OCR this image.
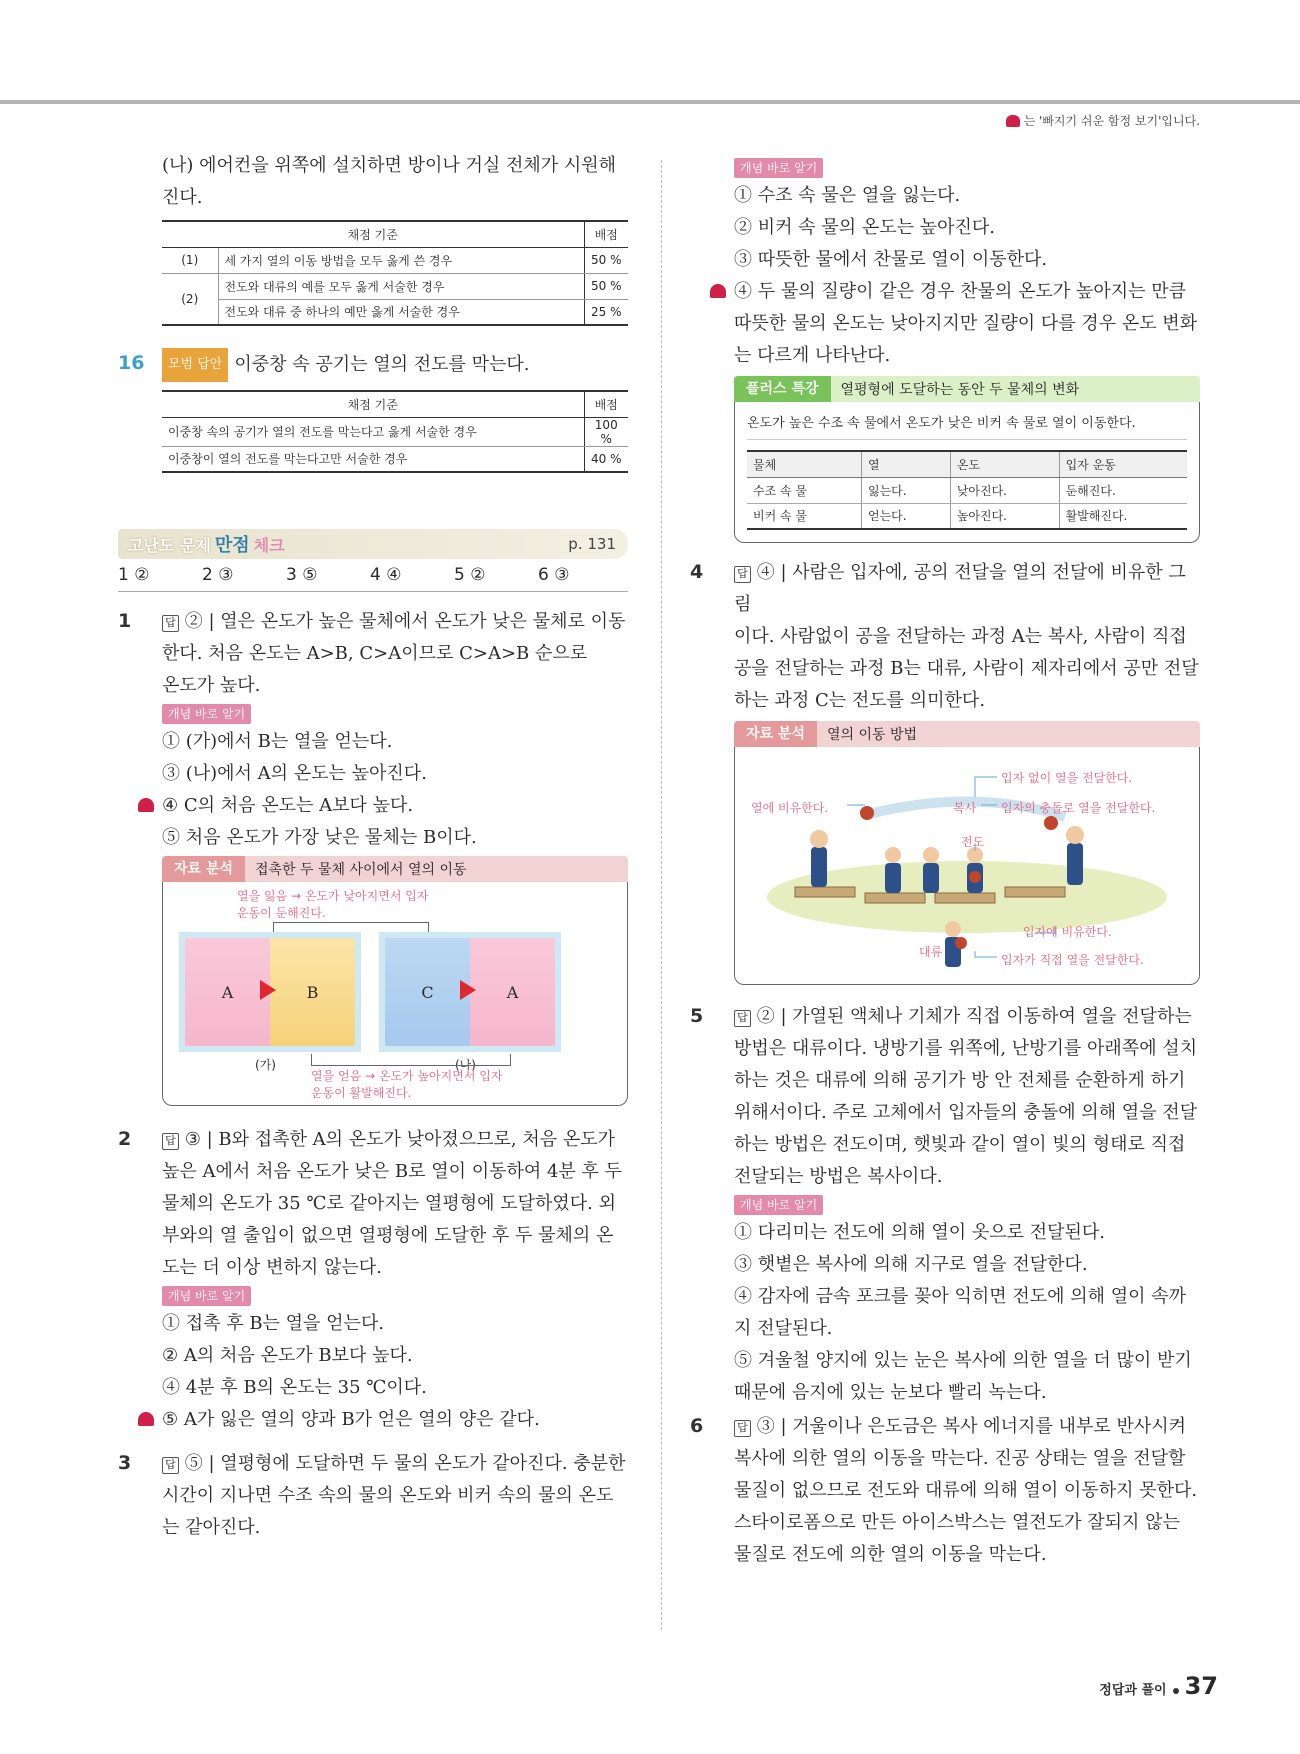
는 '빠지기 쉬운 함정 보기'입니다.

(나) 에어컨을 위쪽에 설치하면 방이나 거실 전체가 시원해

진다.

채점 기준		배점
(1)	세 가지 열의 이동 방법을 모두 옳게 쓴 경우	50 %
(2)	전도와 대류의 예를 모두 옳게 서술한 경우	50 %
	전도와 대류 중 하나의 예만 옳게 서술한 경우	25 %
16	모범 답안 이중창 속 공기는 열의 전도를 막는다.

채점 기준	배점
이중창 속의 공기가 열의 전도를 막는다고 옳게 서술한 경우	100 %
이중창이 열의 전도를 막는다고만 서술한 경우	40 %
고난도 문제 만점 체크	p. 131
1 ②	2 ③	3 ⑤	4 ④	5 ②	6 ③
1	답 ② | 열은 온도가 높은 물체에서 온도가 낮은 물체로 이동

한다. 처음 온도는 A>B, C>A이므로 C>A>B 순으로

온도가 높다.

개념 바로 알기

① (가)에서 B는 열을 얻는다.

③ (나)에서 A의 온도는 높아진다.

④ C의 처음 온도는 A보다 높다.

⑤ 처음 온도가 가장 낮은 물체는 B이다.

자료 분석	접촉한 두 물체 사이에서 열의 이동
열을 잃음 → 온도가 낮아지면서 입자
운동이 둔해진다.
A	B	C	A
(가)	(나)
열을 얻음 → 온도가 높아지면서 입자
운동이 활발해진다.
2	답 ③ | B와 접촉한 A의 온도가 낮아졌으므로, 처음 온도가

높은 A에서 처음 온도가 낮은 B로 열이 이동하여 4분 후 두

물체의 온도가 35 ℃로 같아지는 열평형에 도달하였다. 외

부와의 열 출입이 없으면 열평형에 도달한 후 두 물체의 온

도는 더 이상 변하지 않는다.

개념 바로 알기

① 접촉 후 B는 열을 얻는다.

② A의 처음 온도가 B보다 높다.

④ 4분 후 B의 온도는 35 ℃이다.

⑤ A가 잃은 열의 양과 B가 얻은 열의 양은 같다.

3	답 ⑤ | 열평형에 도달하면 두 물의 온도가 같아진다. 충분한

시간이 지나면 수조 속의 물의 온도와 비커 속의 물의 온도

는 같아진다.

개념 바로 알기

① 수조 속 물은 열을 잃는다.

② 비커 속 물의 온도는 높아진다.

③ 따뜻한 물에서 찬물로 열이 이동한다.

④ 두 물의 질량이 같은 경우 찬물의 온도가 높아지는 만큼

따뜻한 물의 온도는 낮아지지만 질량이 다를 경우 온도 변화

는 다르게 나타난다.

플러스 특강	열평형에 도달하는 동안 두 물체의 변화
온도가 높은 수조 속 물에서 온도가 낮은 비커 속 물로 열이 이동한다.
물체	열	온도	입자 운동
수조 속 물	잃는다.	낮아진다.	둔해진다.
비커 속 물	얻는다.	높아진다.	활발해진다.
4	답 ④ | 사람은 입자에, 공의 전달을 열의 전달에 비유한 그림

이다. 사람없이 공을 전달하는 과정 A는 복사, 사람이 직접

공을 전달하는 과정 B는 대류, 사람이 제자리에서 공만 전달

하는 과정 C는 전도를 의미한다.

자료 분석	열의 이동 방법
입자 없이 열을 전달한다.
열에 비유한다.	복사 입자의 충돌로 열을 전달한다.
전도
입자에 비유한다.
대류
입자가 직접 열을 전달한다.
5	답 ② | 가열된 액체나 기체가 직접 이동하여 열을 전달하는

방법은 대류이다. 냉방기를 위쪽에, 난방기를 아래쪽에 설치

하는 것은 대류에 의해 공기가 방 안 전체를 순환하게 하기

위해서이다. 주로 고체에서 입자들의 충돌에 의해 열을 전달

하는 방법은 전도이며, 햇빛과 같이 열이 빛의 형태로 직접

전달되는 방법은 복사이다.

개념 바로 알기

① 다리미는 전도에 의해 열이 옷으로 전달된다.

③ 햇볕은 복사에 의해 지구로 열을 전달한다.

④ 감자에 금속 포크를 꽂아 익히면 전도에 의해 열이 속까

지 전달된다.

⑤ 겨울철 양지에 있는 눈은 복사에 의한 열을 더 많이 받기

때문에 음지에 있는 눈보다 빨리 녹는다.

6	답 ③ | 거울이나 은도금은 복사 에너지를 내부로 반사시켜

복사에 의한 열의 이동을 막는다. 진공 상태는 열을 전달할

물질이 없으므로 전도와 대류에 의해 열이 이동하지 못한다.

스타이로폼으로 만든 아이스박스는 열전도가 잘되지 않는

물질로 전도에 의한 열의 이동을 막는다.

정답과 풀이 37
